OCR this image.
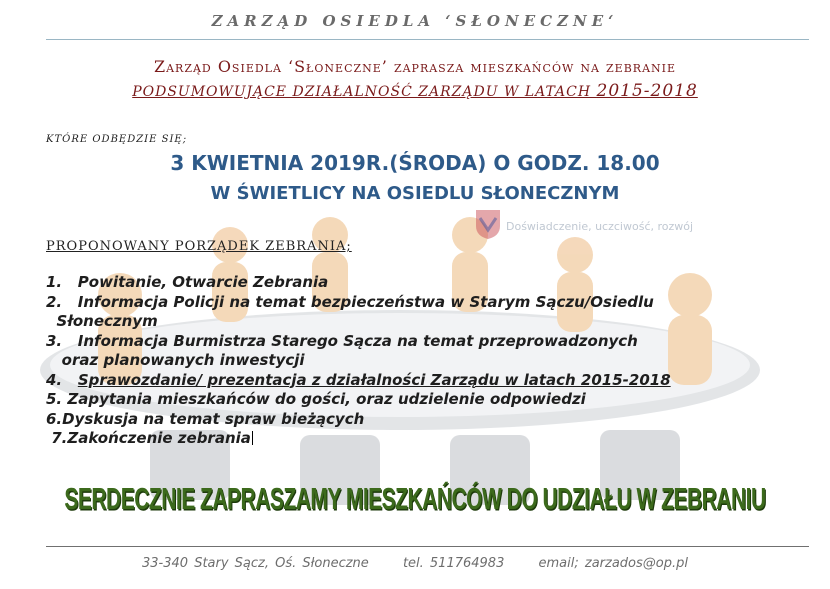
Doświadczenie, uczciwość, rozwój
ZARZĄD OSIEDLA ‘SŁONECZNE‘
Zarząd Osiedla ‘Słoneczne’ zaprasza mieszkańców na zebranie
PODSUMOWUJĄCE DZIAŁALNOŚĆ ZARZĄDU W LATACH 2015-2018
KTÓRE ODBĘDZIE SIĘ;
3 KWIETNIA 2019R.(ŚRODA) O GODZ. 18.00
W ŚWIETLICY NA OSIEDLU SŁONECZNYM
PROPONOWANY PORZĄDEK ZEBRANIA;
1.   Powitanie, Otwarcie Zebrania
2.   Informacja Policji na temat bezpieczeństwa w Starym Sączu/Osiedlu
Słonecznym
3.   Informacja Burmistrza Starego Sącza na temat przeprowadzonych
oraz planowanych inwestycji
4.   Sprawozdanie/ prezentacja z działalności Zarządu w latach 2015-2018
5. Zapytania mieszkańców do gości, oraz udzielenie odpowiedzi
6.Dyskusja na temat spraw bieżących
7.Zakończenie zebrania
SERDECZNIE ZAPRASZAMY MIESZKAŃCÓW DO UDZIAŁU W ZEBRANIU
33-340 Stary Sącz, Oś. Słoneczne	tel. 511764983	email; zarzados@op.pl
